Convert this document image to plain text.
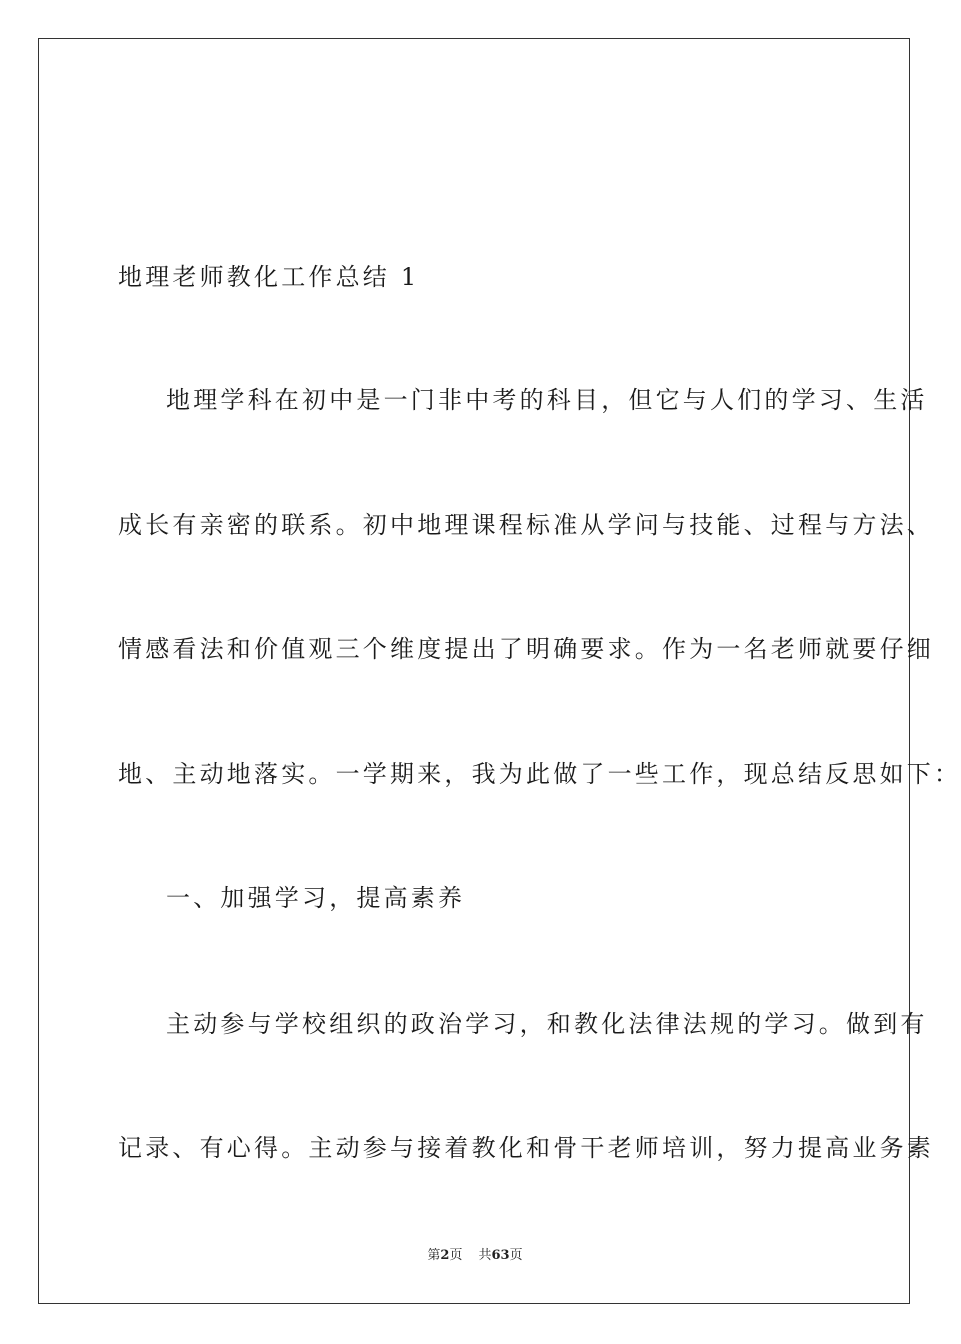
地理老师教化工作总结 1
地理学科在初中是一门非中考的科目，但它与人们的学习、生活
成长有亲密的联系。初中地理课程标准从学问与技能、过程与方法、
情感看法和价值观三个维度提出了明确要求。作为一名老师就要仔细
地、主动地落实。一学期来，我为此做了一些工作，现总结反思如下：
一、加强学习，提高素养
主动参与学校组织的政治学习，和教化法律法规的学习。做到有
记录、有心得。主动参与接着教化和骨干老师培训，努力提高业务素
第2页 共63页
